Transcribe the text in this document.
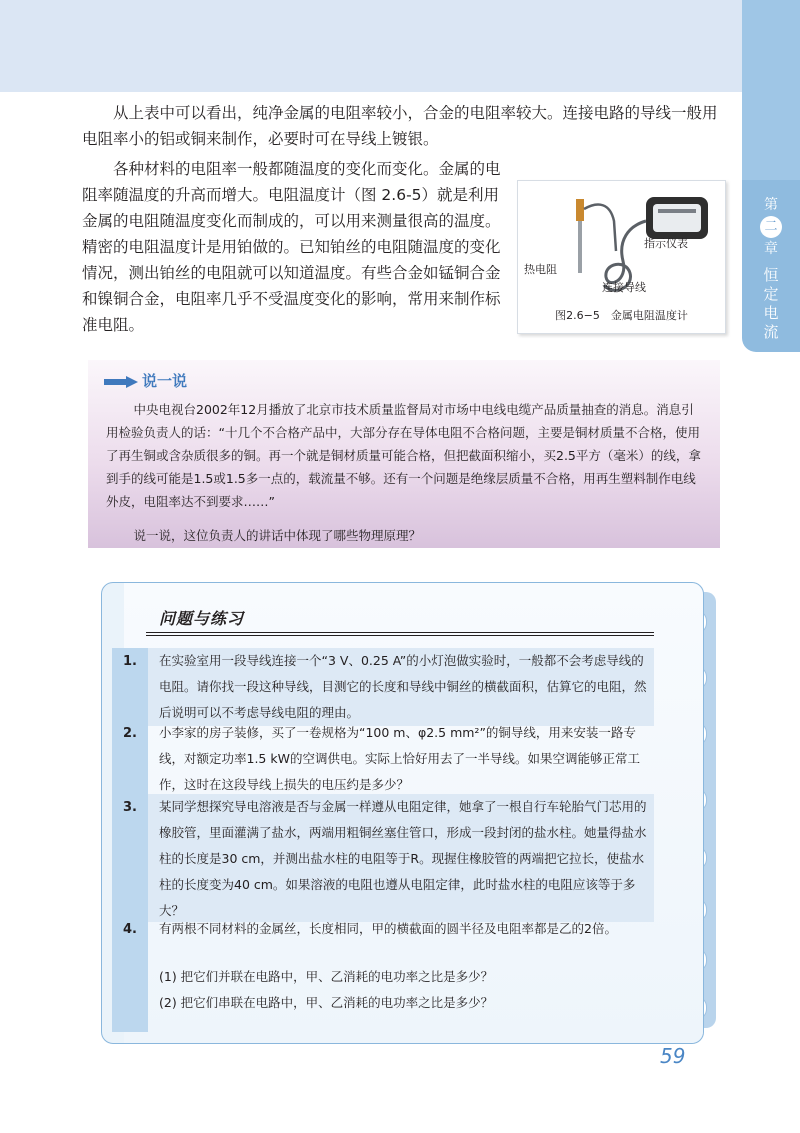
第
二
章
恒定电流

从上表中可以看出，纯净金属的电阻率较小，合金的电阻率较大。连接电路的导线一般用电阻率小的铝或铜来制作，必要时可在导线上镀银。

各种材料的电阻率一般都随温度的变化而变化。金属的电阻率随温度的升高而增大。电阻温度计（图 2.6-5）就是利用金属的电阻随温度变化而制成的，可以用来测量很高的温度。精密的电阻温度计是用铂做的。已知铂丝的电阻随温度的变化情况，测出铂丝的电阻就可以知道温度。有些合金如锰铜合金和镍铜合金，电阻率几乎不受温度变化的影响，常用来制作标准电阻。

指示仪表
热电阻
连接导线
图2.6−5　金属电阻温度计
说一说

中央电视台2002年12月播放了北京市技术质量监督局对市场中电线电缆产品质量抽查的消息。消息引用检验负责人的话：“十几个不合格产品中，大部分存在导体电阻不合格问题，主要是铜材质量不合格，使用了再生铜或含杂质很多的铜。再一个就是铜材质量可能合格，但把截面积缩小，买2.5平方（毫米）的线，拿到手的线可能是1.5或1.5多一点的，载流量不够。还有一个问题是绝缘层质量不合格，用再生塑料制作电线外皮，电阻率达不到要求……”

说一说，这位负责人的讲话中体现了哪些物理原理？

问题与练习
1.	在实验室用一段导线连接一个“3 V、0.25 A”的小灯泡做实验时，一般都不会考虑导线的电阻。请你找一段这种导线，目测它的长度和导线中铜丝的横截面积，估算它的电阻，然后说明可以不考虑导线电阻的理由。

2.	小李家的房子装修，买了一卷规格为“100 m、φ2.5 mm²”的铜导线，用来安装一路专线，对额定功率1.5 kW的空调供电。实际上恰好用去了一半导线。如果空调能够正常工作，这时在这段导线上损失的电压约是多少？

3.	某同学想探究导电溶液是否与金属一样遵从电阻定律，她拿了一根自行车轮胎气门芯用的橡胶管，里面灌满了盐水，两端用粗铜丝塞住管口，形成一段封闭的盐水柱。她量得盐水柱的长度是30 cm，并测出盐水柱的电阻等于R。现握住橡胶管的两端把它拉长，使盐水柱的长度变为40 cm。如果溶液的电阻也遵从电阻定律，此时盐水柱的电阻应该等于多大？

4.	有两根不同材料的金属丝，长度相同，甲的横截面的圆半径及电阻率都是乙的2倍。

(1) 把它们并联在电路中，甲、乙消耗的电功率之比是多少？

(2) 把它们串联在电路中，甲、乙消耗的电功率之比是多少？

59
